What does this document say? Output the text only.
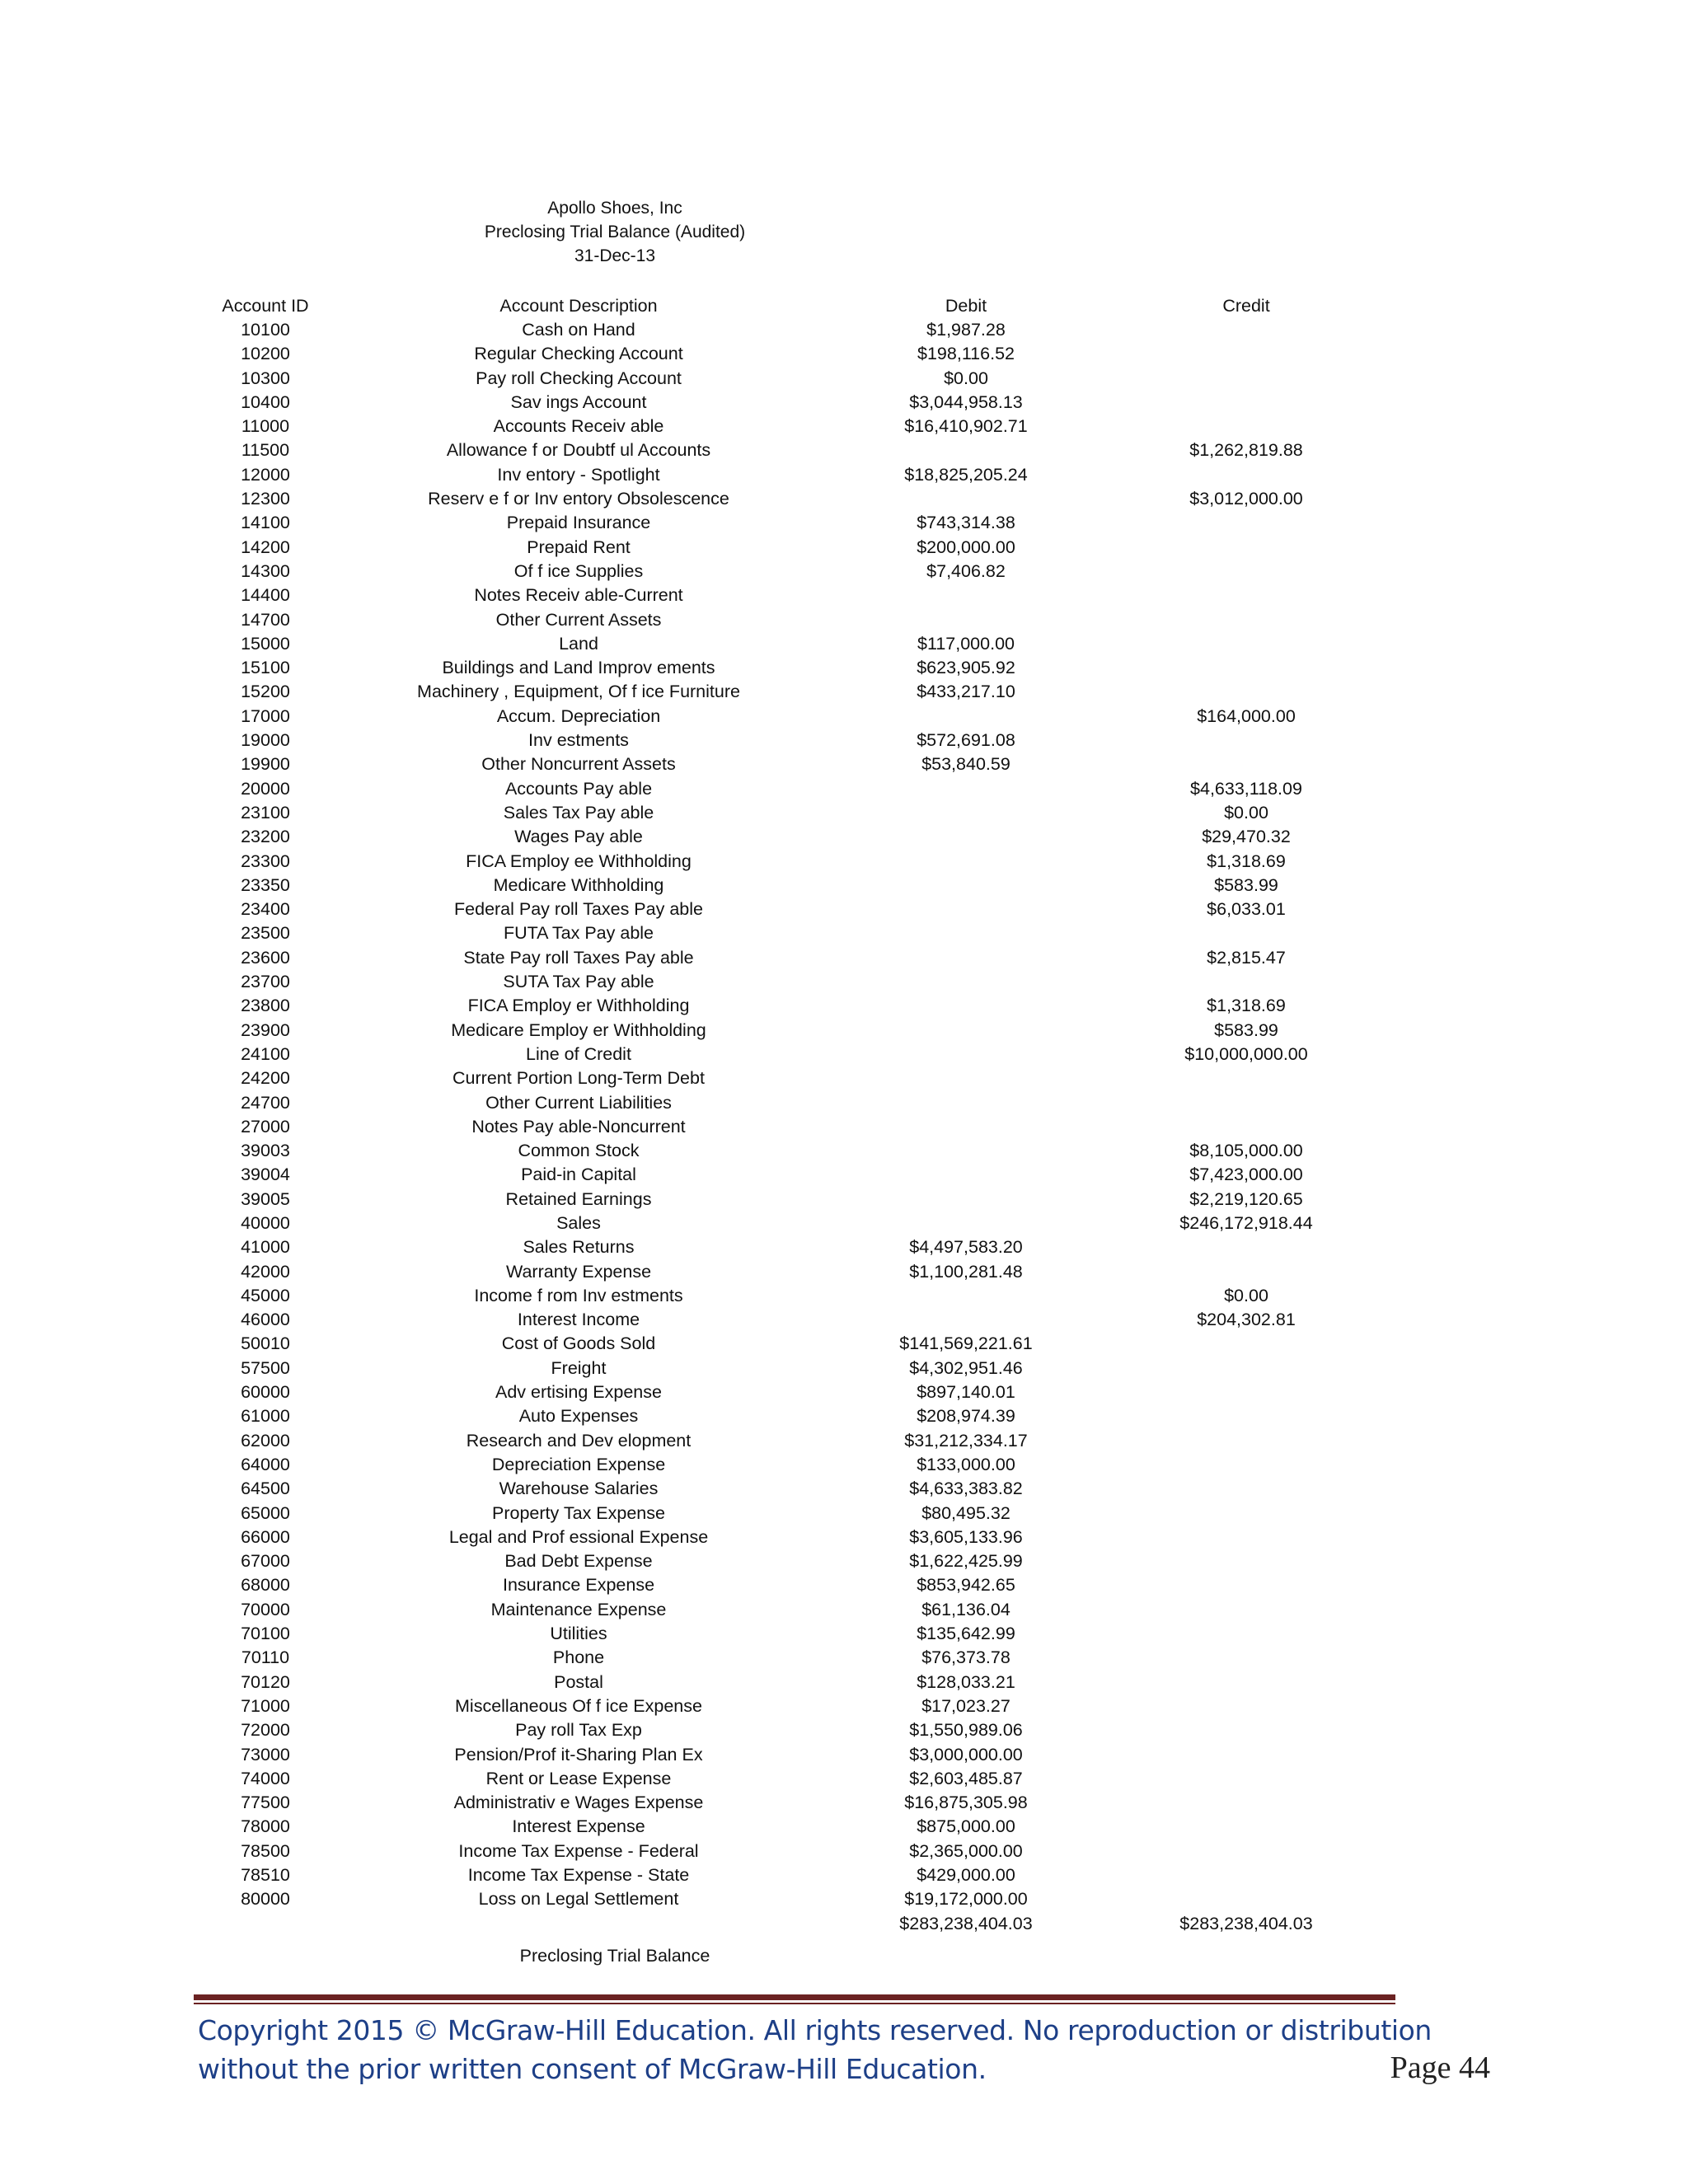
Apollo Shoes, Inc
Preclosing Trial Balance (Audited)
31-Dec-13
Account ID	Account Description	Debit	Credit
10100	Cash on Hand	$1,987.28	
10200	Regular Checking Account	$198,116.52	
10300	Pay roll Checking Account	$0.00	
10400	Sav ings Account	$3,044,958.13	
11000	Accounts Receiv able	$16,410,902.71	
11500	Allowance f or Doubtf ul Accounts		$1,262,819.88
12000	Inv entory - Spotlight	$18,825,205.24	
12300	Reserv e f or Inv entory Obsolescence		$3,012,000.00
14100	Prepaid Insurance	$743,314.38	
14200	Prepaid Rent	$200,000.00	
14300	Of f ice Supplies	$7,406.82	
14400	Notes Receiv able-Current		
14700	Other Current Assets		
15000	Land	$117,000.00	
15100	Buildings and Land Improv ements	$623,905.92	
15200	Machinery , Equipment, Of f ice Furniture	$433,217.10	
17000	Accum. Depreciation		$164,000.00
19000	Inv estments	$572,691.08	
19900	Other Noncurrent Assets	$53,840.59	
20000	Accounts Pay able		$4,633,118.09
23100	Sales Tax Pay able		$0.00
23200	Wages Pay able		$29,470.32
23300	FICA Employ ee Withholding		$1,318.69
23350	Medicare Withholding		$583.99
23400	Federal Pay roll Taxes Pay able		$6,033.01
23500	FUTA Tax Pay able		
23600	State Pay roll Taxes Pay able		$2,815.47
23700	SUTA Tax Pay able		
23800	FICA Employ er Withholding		$1,318.69
23900	Medicare Employ er Withholding		$583.99
24100	Line of Credit		$10,000,000.00
24200	Current Portion Long-Term Debt		
24700	Other Current Liabilities		
27000	Notes Pay able-Noncurrent		
39003	Common Stock		$8,105,000.00
39004	Paid-in Capital		$7,423,000.00
39005	Retained Earnings		$2,219,120.65
40000	Sales		$246,172,918.44
41000	Sales Returns	$4,497,583.20	
42000	Warranty Expense	$1,100,281.48	
45000	Income f rom Inv estments		$0.00
46000	Interest Income		$204,302.81
50010	Cost of Goods Sold	$141,569,221.61	
57500	Freight	$4,302,951.46	
60000	Adv ertising Expense	$897,140.01	
61000	Auto Expenses	$208,974.39	
62000	Research and Dev elopment	$31,212,334.17	
64000	Depreciation Expense	$133,000.00	
64500	Warehouse Salaries	$4,633,383.82	
65000	Property Tax Expense	$80,495.32	
66000	Legal and Prof essional Expense	$3,605,133.96	
67000	Bad Debt Expense	$1,622,425.99	
68000	Insurance Expense	$853,942.65	
70000	Maintenance Expense	$61,136.04	
70100	Utilities	$135,642.99	
70110	Phone	$76,373.78	
70120	Postal	$128,033.21	
71000	Miscellaneous Of f ice Expense	$17,023.27	
72000	Pay roll Tax Exp	$1,550,989.06	
73000	Pension/Prof it-Sharing Plan Ex	$3,000,000.00	
74000	Rent or Lease Expense	$2,603,485.87	
77500	Administrativ e Wages Expense	$16,875,305.98	
78000	Interest Expense	$875,000.00	
78500	Income Tax Expense - Federal	$2,365,000.00	
78510	Income Tax Expense - State	$429,000.00	
80000	Loss on Legal Settlement	$19,172,000.00	
		$283,238,404.03	$283,238,404.03
Preclosing Trial Balance
Copyright 2015 © McGraw-Hill Education. All rights reserved. No reproduction or distribution
without the prior written consent of McGraw-Hill Education.	Page 44
